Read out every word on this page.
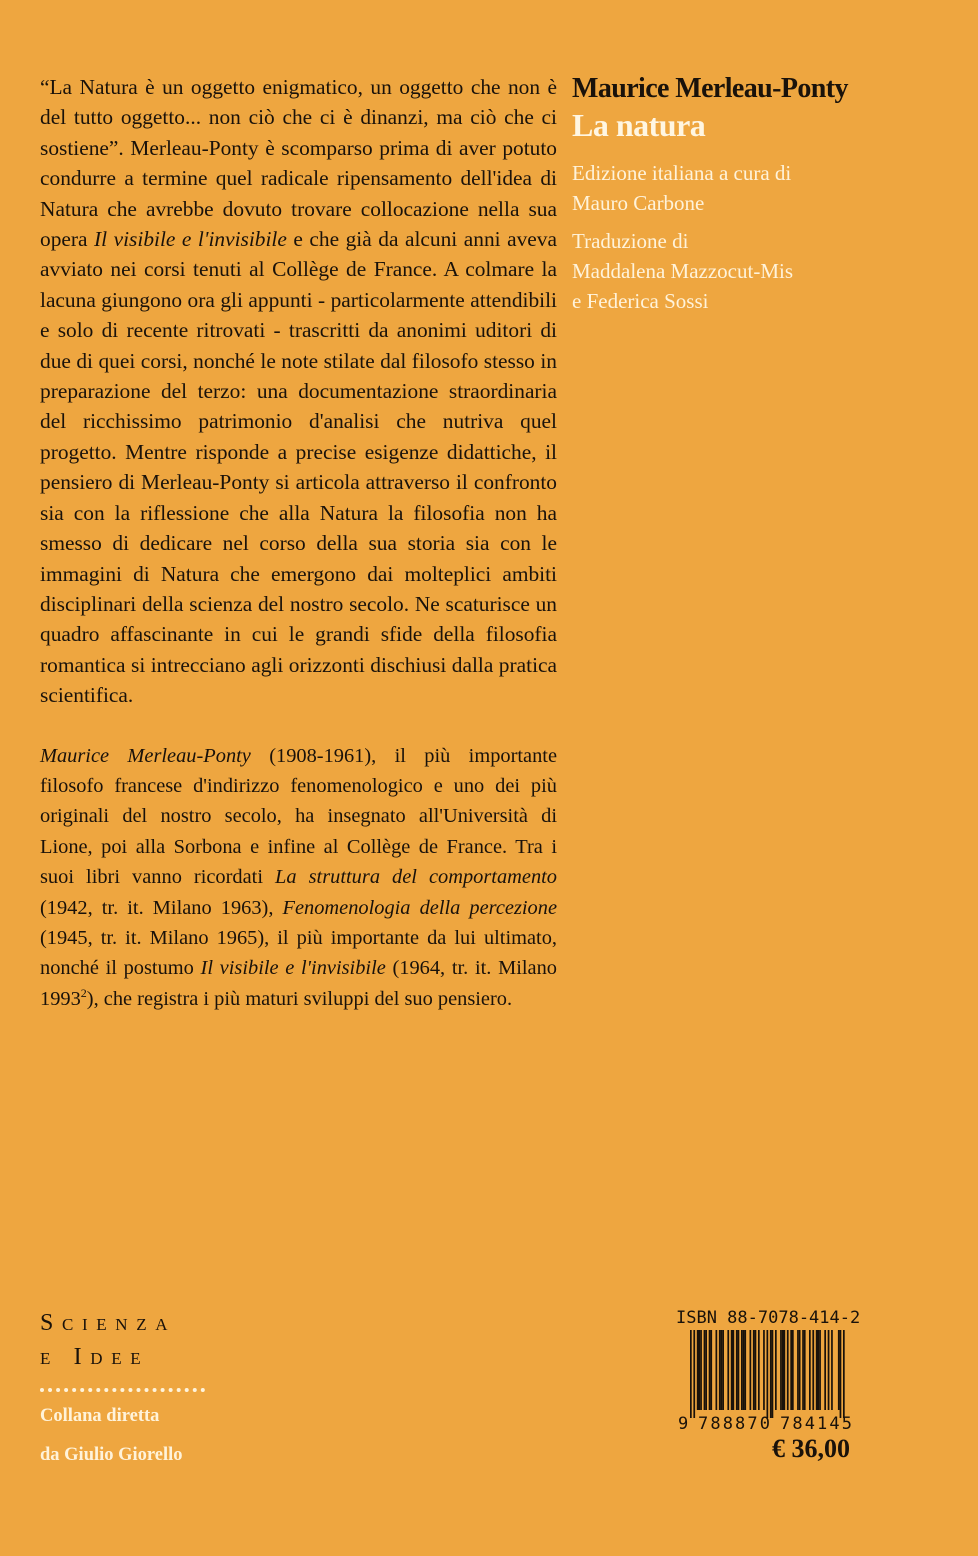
“La Natura è un oggetto enigmatico, un oggetto che non è del tutto oggetto... non ciò che ci è dinanzi, ma ciò che ci sostiene”. Merleau-Ponty è scomparso prima di aver potuto condurre a termine quel radicale ripensamento dell'idea di Natura che avrebbe dovuto trovare collocazione nella sua opera Il visibile e l'invisibile e che già da alcuni anni aveva avviato nei corsi tenuti al Collège de France. A colmare la lacuna giungono ora gli appunti - particolarmente attendibili e solo di recente ritrovati - trascritti da anonimi uditori di due di quei corsi, nonché le note stilate dal filosofo stesso in preparazione del terzo: una documentazione straordinaria del ricchissimo patrimonio d'analisi che nutriva quel progetto. Mentre risponde a precise esigenze didattiche, il pensiero di Merleau-Ponty si articola attraverso il confronto sia con la riflessione che alla Natura la filosofia non ha smesso di dedicare nel corso della sua storia sia con le immagini di Natura che emergono dai molteplici ambiti disciplinari della scienza del nostro secolo. Ne scaturisce un quadro affascinante in cui le grandi sfide della filosofia romantica si intrecciano agli orizzonti dischiusi dalla pratica scientifica.

Maurice Merleau-Ponty (1908-1961), il più importante filosofo francese d'indirizzo fenomenologico e uno dei più originali del nostro secolo, ha insegnato all'Università di Lione, poi alla Sorbona e infine al Collège de France. Tra i suoi libri vanno ricordati La struttura del comportamento (1942, tr. it. Milano 1963), Fenomenologia della percezione (1945, tr. it. Milano 1965), il più importante da lui ultimato, nonché il postumo Il visibile e l'invisibile (1964, tr. it. Milano 1993$^2$), che registra i più maturi sviluppi del suo pensiero.

Maurice Merleau-Ponty
La natura
Edizione italiana a cura di
Mauro Carbone
Traduzione di
Maddalena Mazzocut-Mis
e Federica Sossi
Scienza
e Idee
Collana diretta
da Giulio Giorello
ISBN 88-7078-414-2
9 788870 784145
€ 36,00
